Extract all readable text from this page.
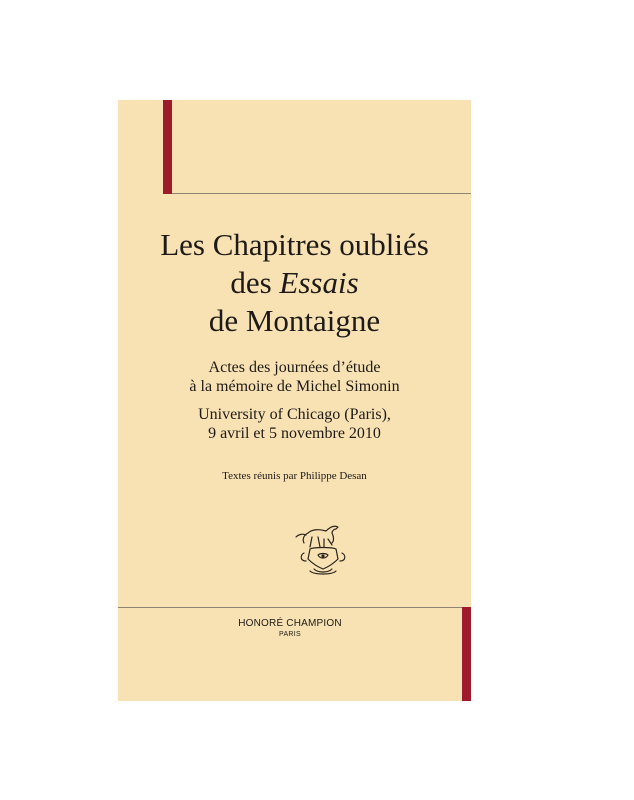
Les Chapitres oubliés
des Essais
de Montaigne
Actes des journées d’étude
à la mémoire de Michel Simonin
University of Chicago (Paris),
9 avril et 5 novembre 2010
Textes réunis par Philippe Desan
HONORÉ CHAMPION
PARIS
